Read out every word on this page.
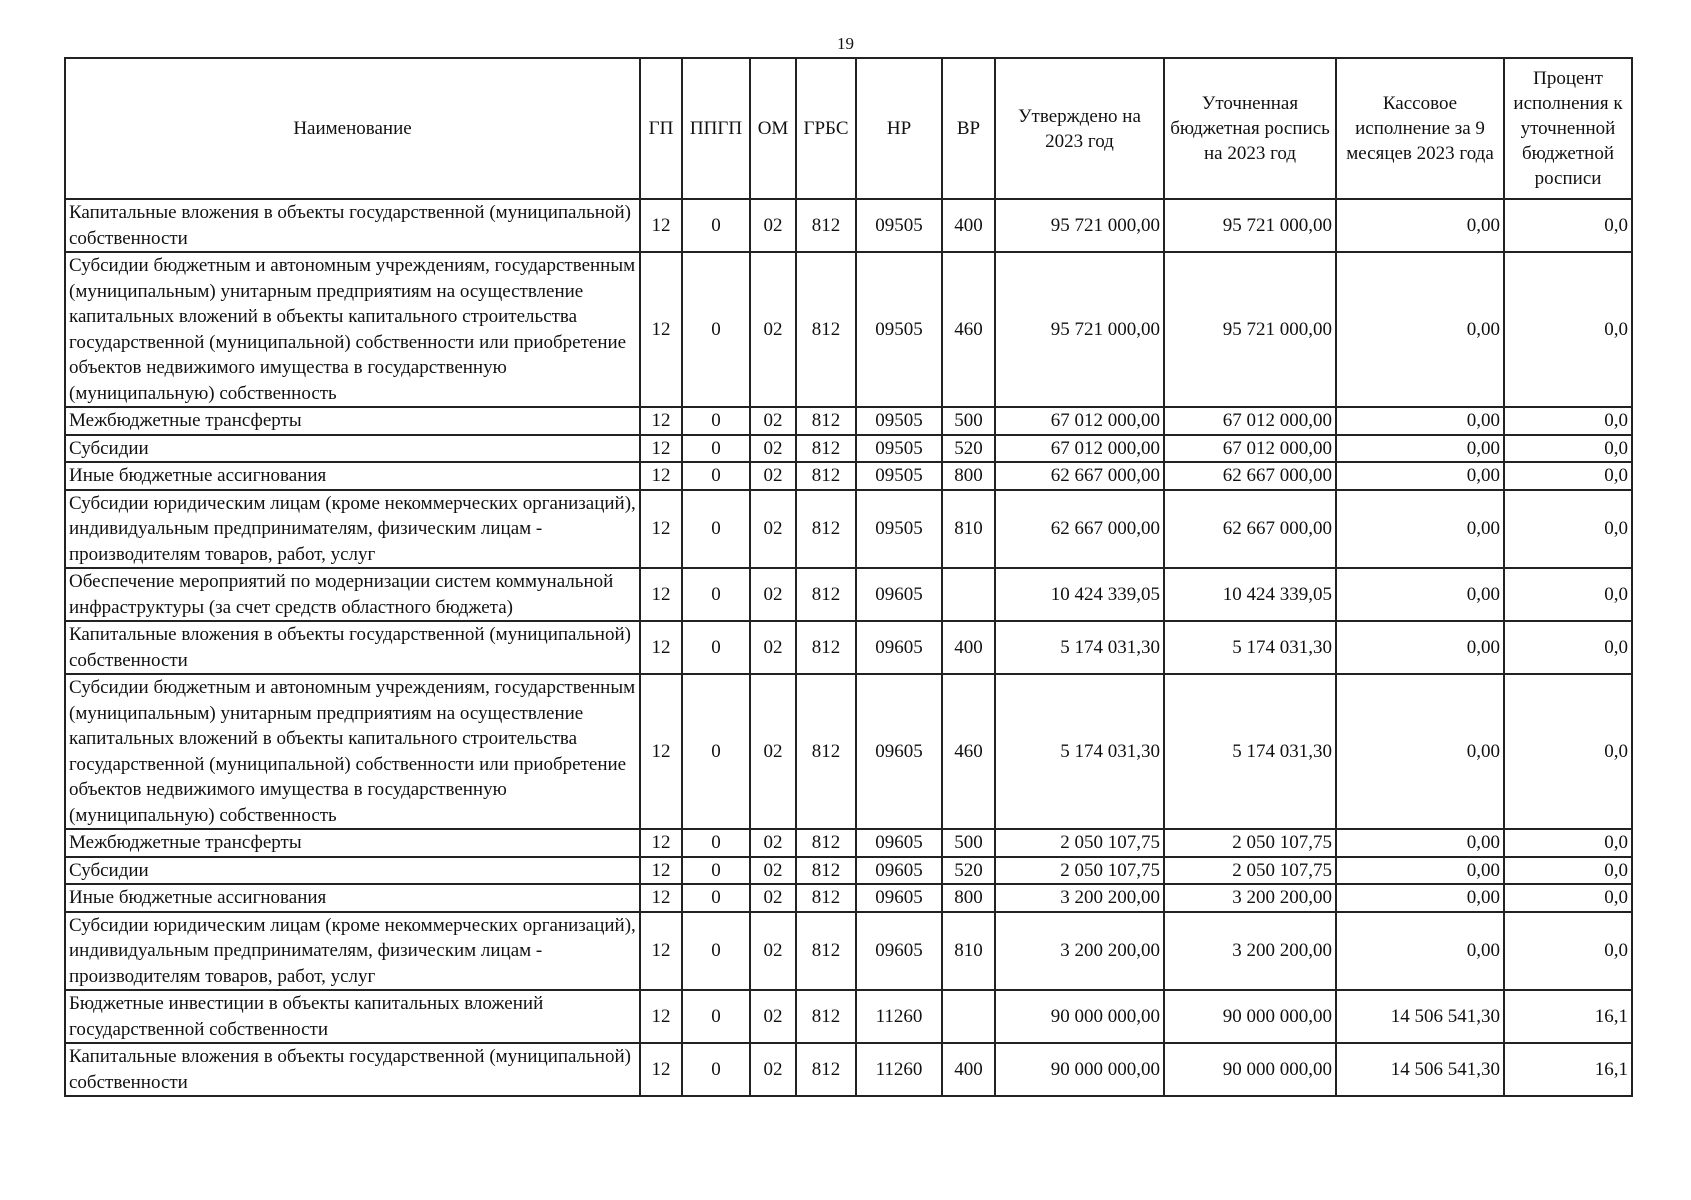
19
Наименование	ГП	ППГП	ОМ	ГРБС	НР	ВР	Утверждено на 2023 год	Уточненная бюджетная роспись на 2023 год	Кассовое исполнение за 9 месяцев 2023 года	Процент исполнения к уточненной бюджетной росписи
Капитальные вложения в объекты государственной (муниципальной) собственности	12	0	02	812	09505	400	95 721 000,00	95 721 000,00	0,00	0,0
Субсидии бюджетным и автономным учреждениям, государственным (муниципальным) унитарным предприятиям на осуществление капитальных вложений в объекты капитального строительства государственной (муниципальной) собственности или приобретение объектов недвижимого имущества в государственную (муниципальную) собственность	12	0	02	812	09505	460	95 721 000,00	95 721 000,00	0,00	0,0
Межбюджетные трансферты	12	0	02	812	09505	500	67 012 000,00	67 012 000,00	0,00	0,0
Субсидии	12	0	02	812	09505	520	67 012 000,00	67 012 000,00	0,00	0,0
Иные бюджетные ассигнования	12	0	02	812	09505	800	62 667 000,00	62 667 000,00	0,00	0,0
Субсидии юридическим лицам (кроме некоммерческих организаций), индивидуальным предпринимателям, физическим лицам - производителям товаров, работ, услуг	12	0	02	812	09505	810	62 667 000,00	62 667 000,00	0,00	0,0
Обеспечение мероприятий по модернизации систем коммунальной инфраструктуры (за счет средств областного бюджета)	12	0	02	812	09605		10 424 339,05	10 424 339,05	0,00	0,0
Капитальные вложения в объекты государственной (муниципальной) собственности	12	0	02	812	09605	400	5 174 031,30	5 174 031,30	0,00	0,0
Субсидии бюджетным и автономным учреждениям, государственным (муниципальным) унитарным предприятиям на осуществление капитальных вложений в объекты капитального строительства государственной (муниципальной) собственности или приобретение объектов недвижимого имущества в государственную (муниципальную) собственность	12	0	02	812	09605	460	5 174 031,30	5 174 031,30	0,00	0,0
Межбюджетные трансферты	12	0	02	812	09605	500	2 050 107,75	2 050 107,75	0,00	0,0
Субсидии	12	0	02	812	09605	520	2 050 107,75	2 050 107,75	0,00	0,0
Иные бюджетные ассигнования	12	0	02	812	09605	800	3 200 200,00	3 200 200,00	0,00	0,0
Субсидии юридическим лицам (кроме некоммерческих организаций), индивидуальным предпринимателям, физическим лицам - производителям товаров, работ, услуг	12	0	02	812	09605	810	3 200 200,00	3 200 200,00	0,00	0,0
Бюджетные инвестиции в объекты капитальных вложений государственной собственности	12	0	02	812	11260		90 000 000,00	90 000 000,00	14 506 541,30	16,1
Капитальные вложения в объекты государственной (муниципальной) собственности	12	0	02	812	11260	400	90 000 000,00	90 000 000,00	14 506 541,30	16,1
